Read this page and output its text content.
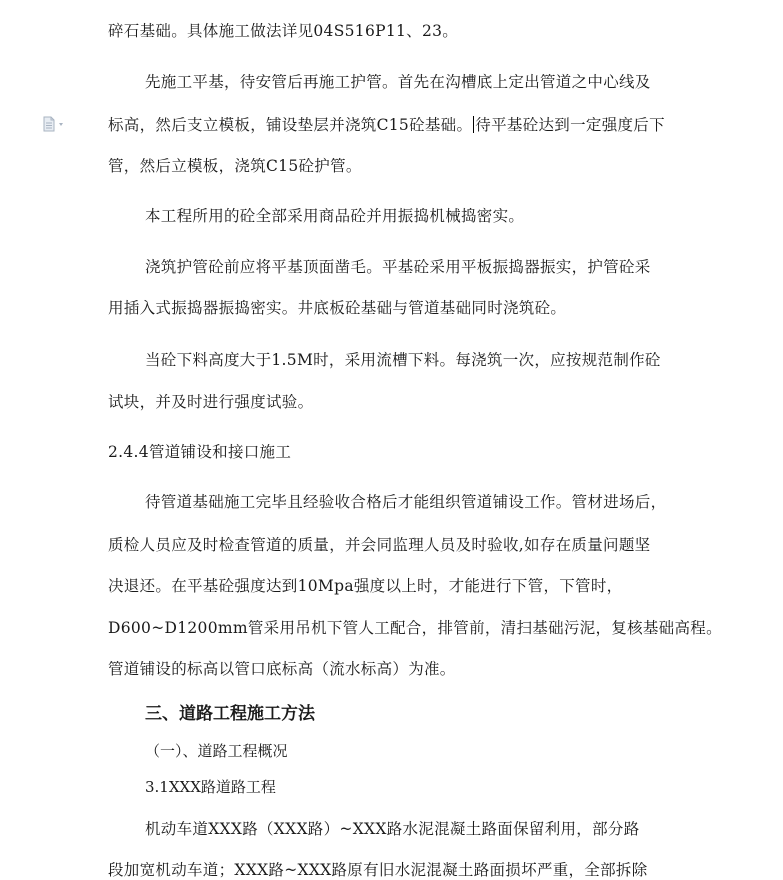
碎石基础。具体施工做法详见04S516P11、23。
先施工平基，待安管后再施工护管。首先在沟槽底上定出管道之中心线及
标高，然后支立模板，铺设垫层并浇筑C15砼基础。 待平基砼达到一定强度后下
管，然后立模板，浇筑C15砼护管。
本工程所用的砼全部采用商品砼并用振捣机械捣密实。
浇筑护管砼前应将平基顶面凿毛。平基砼采用平板振捣器振实，护管砼采
用插入式振捣器振捣密实。井底板砼基础与管道基础同时浇筑砼。
当砼下料高度大于1.5M时，采用流槽下料。每浇筑一次，应按规范制作砼
试块，并及时进行强度试验。
2.4.4管道铺设和接口施工
待管道基础施工完毕且经验收合格后才能组织管道铺设工作。管材进场后，
质检人员应及时检查管道的质量，并会同监理人员及时验收,如存在质量问题坚
决退还。在平基砼强度达到10Mpa强度以上时，才能进行下管，下管时，
D600~D1200mm管采用吊机下管人工配合，排管前，清扫基础污泥，复核基础高程。
管道铺设的标高以管口底标高（流水标高）为准。
三、道路工程施工方法
（一）、道路工程概况
3.1XXX路道路工程
机动车道XXX路（XXX路）~XXX路水泥混凝土路面保留利用，部分路
段加宽机动车道；XXX路~XXX路原有旧水泥混凝土路面损坏严重，全部拆除
